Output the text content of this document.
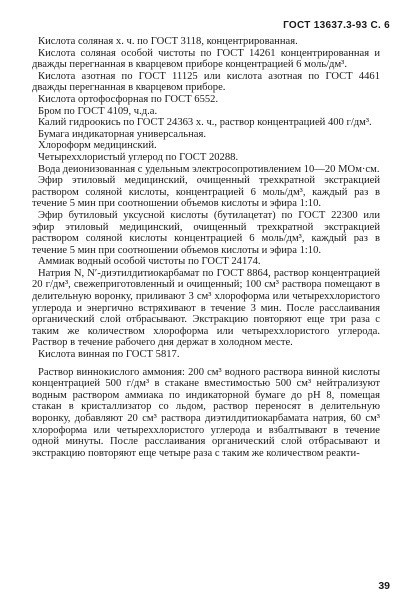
ГОСТ 13637.3-93 С. 6

Кислота соляная х. ч. по ГОСТ 3118, концентрированная.

Кислота соляная особой чистоты по ГОСТ 14261 концентрированная и дважды перегнанная в кварцевом приборе концентрацией 6 моль/дм³.

Кислота азотная по ГОСТ 11125 или кислота азотная по ГОСТ 4461 дважды перегнанная в кварцевом приборе.

Кислота ортофосфорная по ГОСТ 6552.

Бром по ГОСТ 4109, ч.д.а.

Калий гидроокись по ГОСТ 24363 х. ч., раствор концентрацией 400 г/дм³.

Бумага индикаторная универсальная.

Хлороформ медицинский.

Четыреххлористый углерод по ГОСТ 20288.

Вода деионизованная с удельным электросопротивлением 10—20 МОм·см.

Эфир этиловый медицинский, очищенный трехкратной экстракцией раствором соляной кислоты, концентрацией 6 моль/дм³, каждый раз в течение 5 мин при соотношении объемов кислоты и эфира 1:10.

Эфир бутиловый уксусной кислоты (бутилацетат) по ГОСТ 22300 или эфир этиловый медицинский, очищенный трехкратной экстракцией раствором соляной кислоты концентрацией 6 моль/дм³, каждый раз в течение 5 мин при соотношении объемов кислоты и эфира 1:10.

Аммиак водный особой чистоты по ГОСТ 24174.

Натрия N, N′-диэтилдитиокарбамат по ГОСТ 8864, раствор концентрацией 20 г/дм³, свежеприготовленный и очищенный; 100 см³ раствора помещают в делительную воронку, приливают 3 см³ хлороформа или четыреххлористого углерода и энергично встряхивают в течение 3 мин. После расслаивания органический слой отбрасывают. Экстракцию повторяют еще три раза с таким же количеством хлороформа или четыреххлористого углерода. Раствор в течение рабочего дня держат в холодном месте.

Кислота винная по ГОСТ 5817.

Раствор виннокислого аммония: 200 см³ водного раствора винной кислоты концентрацией 500 г/дм³ в стакане вместимостью 500 см³ нейтрализуют водным раствором аммиака по индикаторной бумаге до рН 8, помещая стакан в кристаллизатор со льдом, раствор переносят в делительную воронку, добавляют 20 см³ раствора диэтилдитиокарбамата натрия, 60 см³ хлороформа или четыреххлористого углерода и взбалтывают в течение одной минуты. После расслаивания органический слой отбрасывают и экстракцию повторяют еще четыре раза с таким же количеством реакти-

39
